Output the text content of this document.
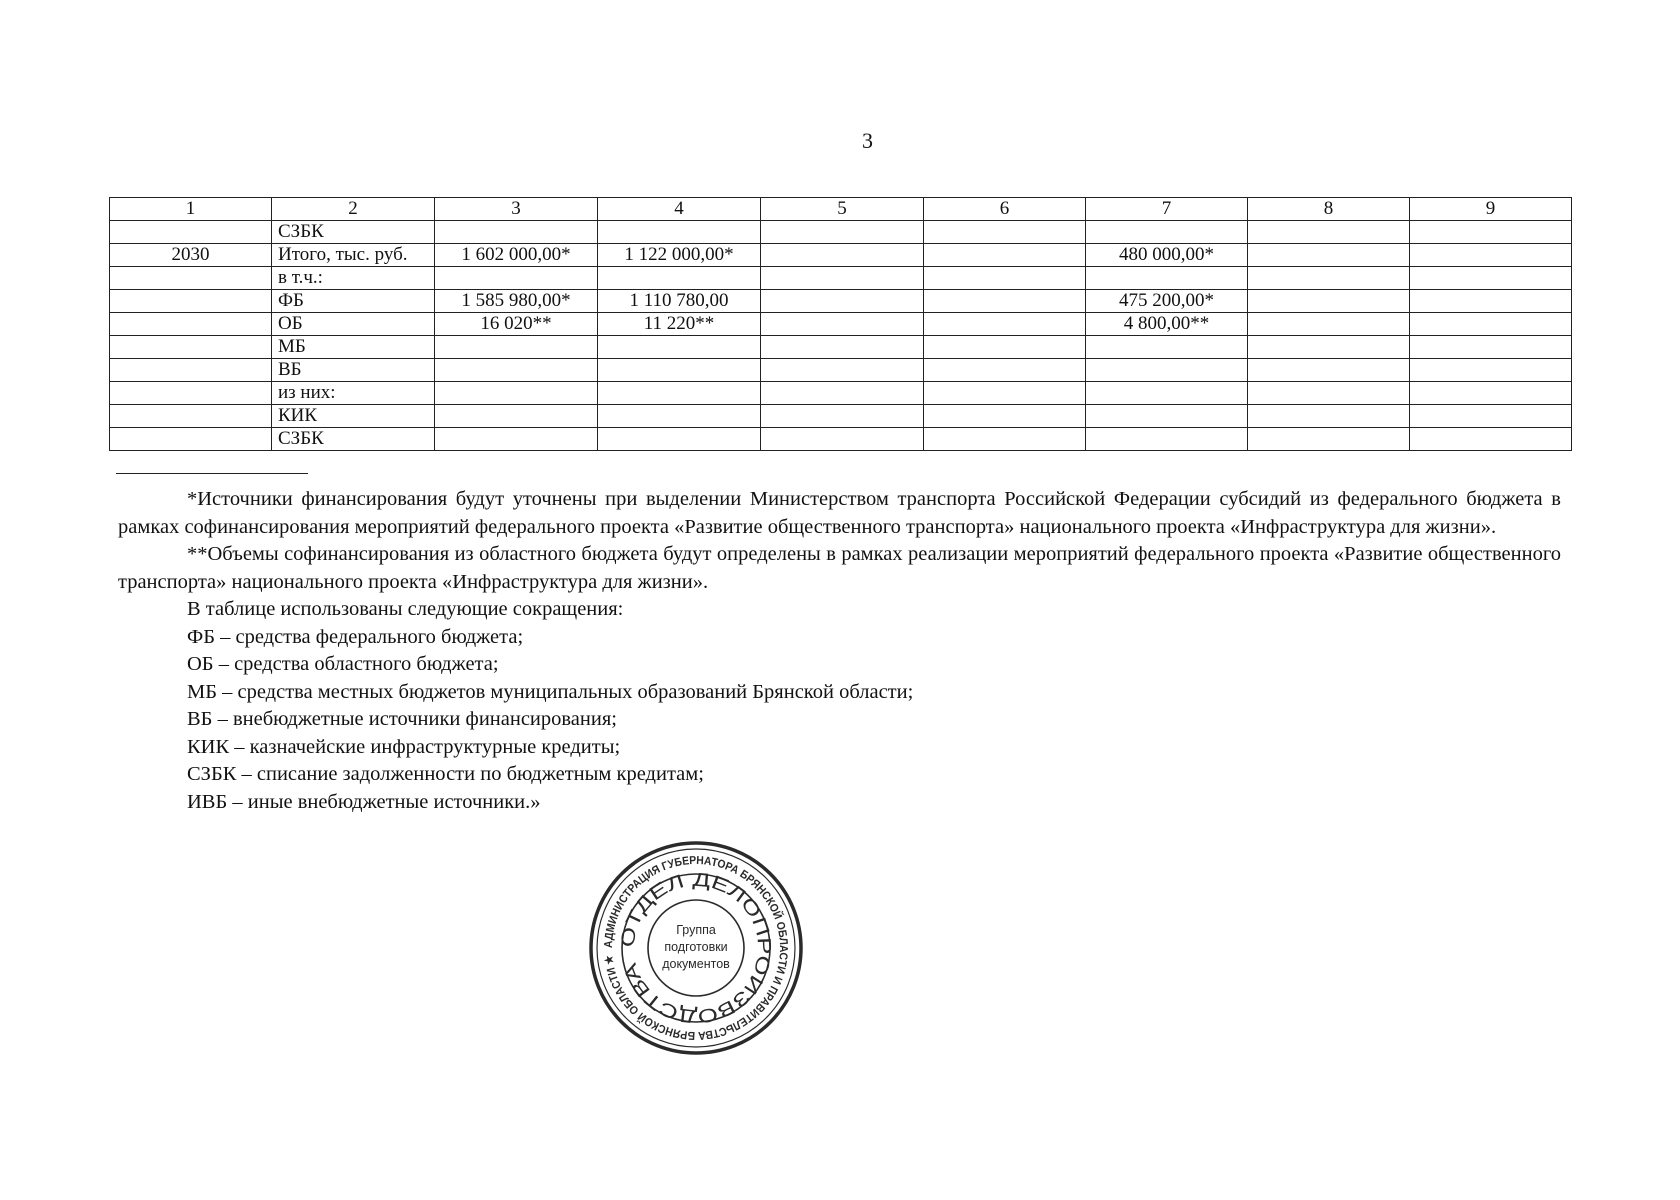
3
1	2	3	4	5	6	7	8	9
	СЗБК							
2030	Итого, тыс. руб.	1 602 000,00*	1 122 000,00*			480 000,00*		
	в т.ч.:							
	ФБ	1 585 980,00*	1 110 780,00			475 200,00*		
	ОБ	16 020**	11 220**			4 800,00**		
	МБ							
	ВБ							
	из них:							
	КИК							
	СЗБК							

*Источники финансирования будут уточнены при выделении Министерством транспорта Российской Федерации субсидий из федерального бюджета в рамках софинансирования мероприятий федерального проекта «Развитие общественного транспорта» национального проекта «Инфраструктура для жизни».

**Объемы софинансирования из областного бюджета будут определены в рамках реализации мероприятий федерального проекта «Развитие общественного транспорта» национального проекта «Инфраструктура для жизни».

В таблице использованы следующие сокращения:

ФБ – средства федерального бюджета;

ОБ – средства областного бюджета;

МБ – средства местных бюджетов муниципальных образований Брянской области;

ВБ – внебюджетные источники финансирования;

КИК – казначейские инфраструктурные кредиты;

СЗБК – списание задолженности по бюджетным кредитам;

ИВБ – иные внебюджетные источники.»

АДМИНИСТРАЦИЯ ГУБЕРНАТОРА БРЯНСКОЙ ОБЛАСТИ И ПРАВИТЕЛЬСТВА БРЯНСКОЙ ОБЛАСТИ ★
ОТДЕЛ ДЕЛОПРОИЗВОДСТВА
Группа
подготовки
документов
